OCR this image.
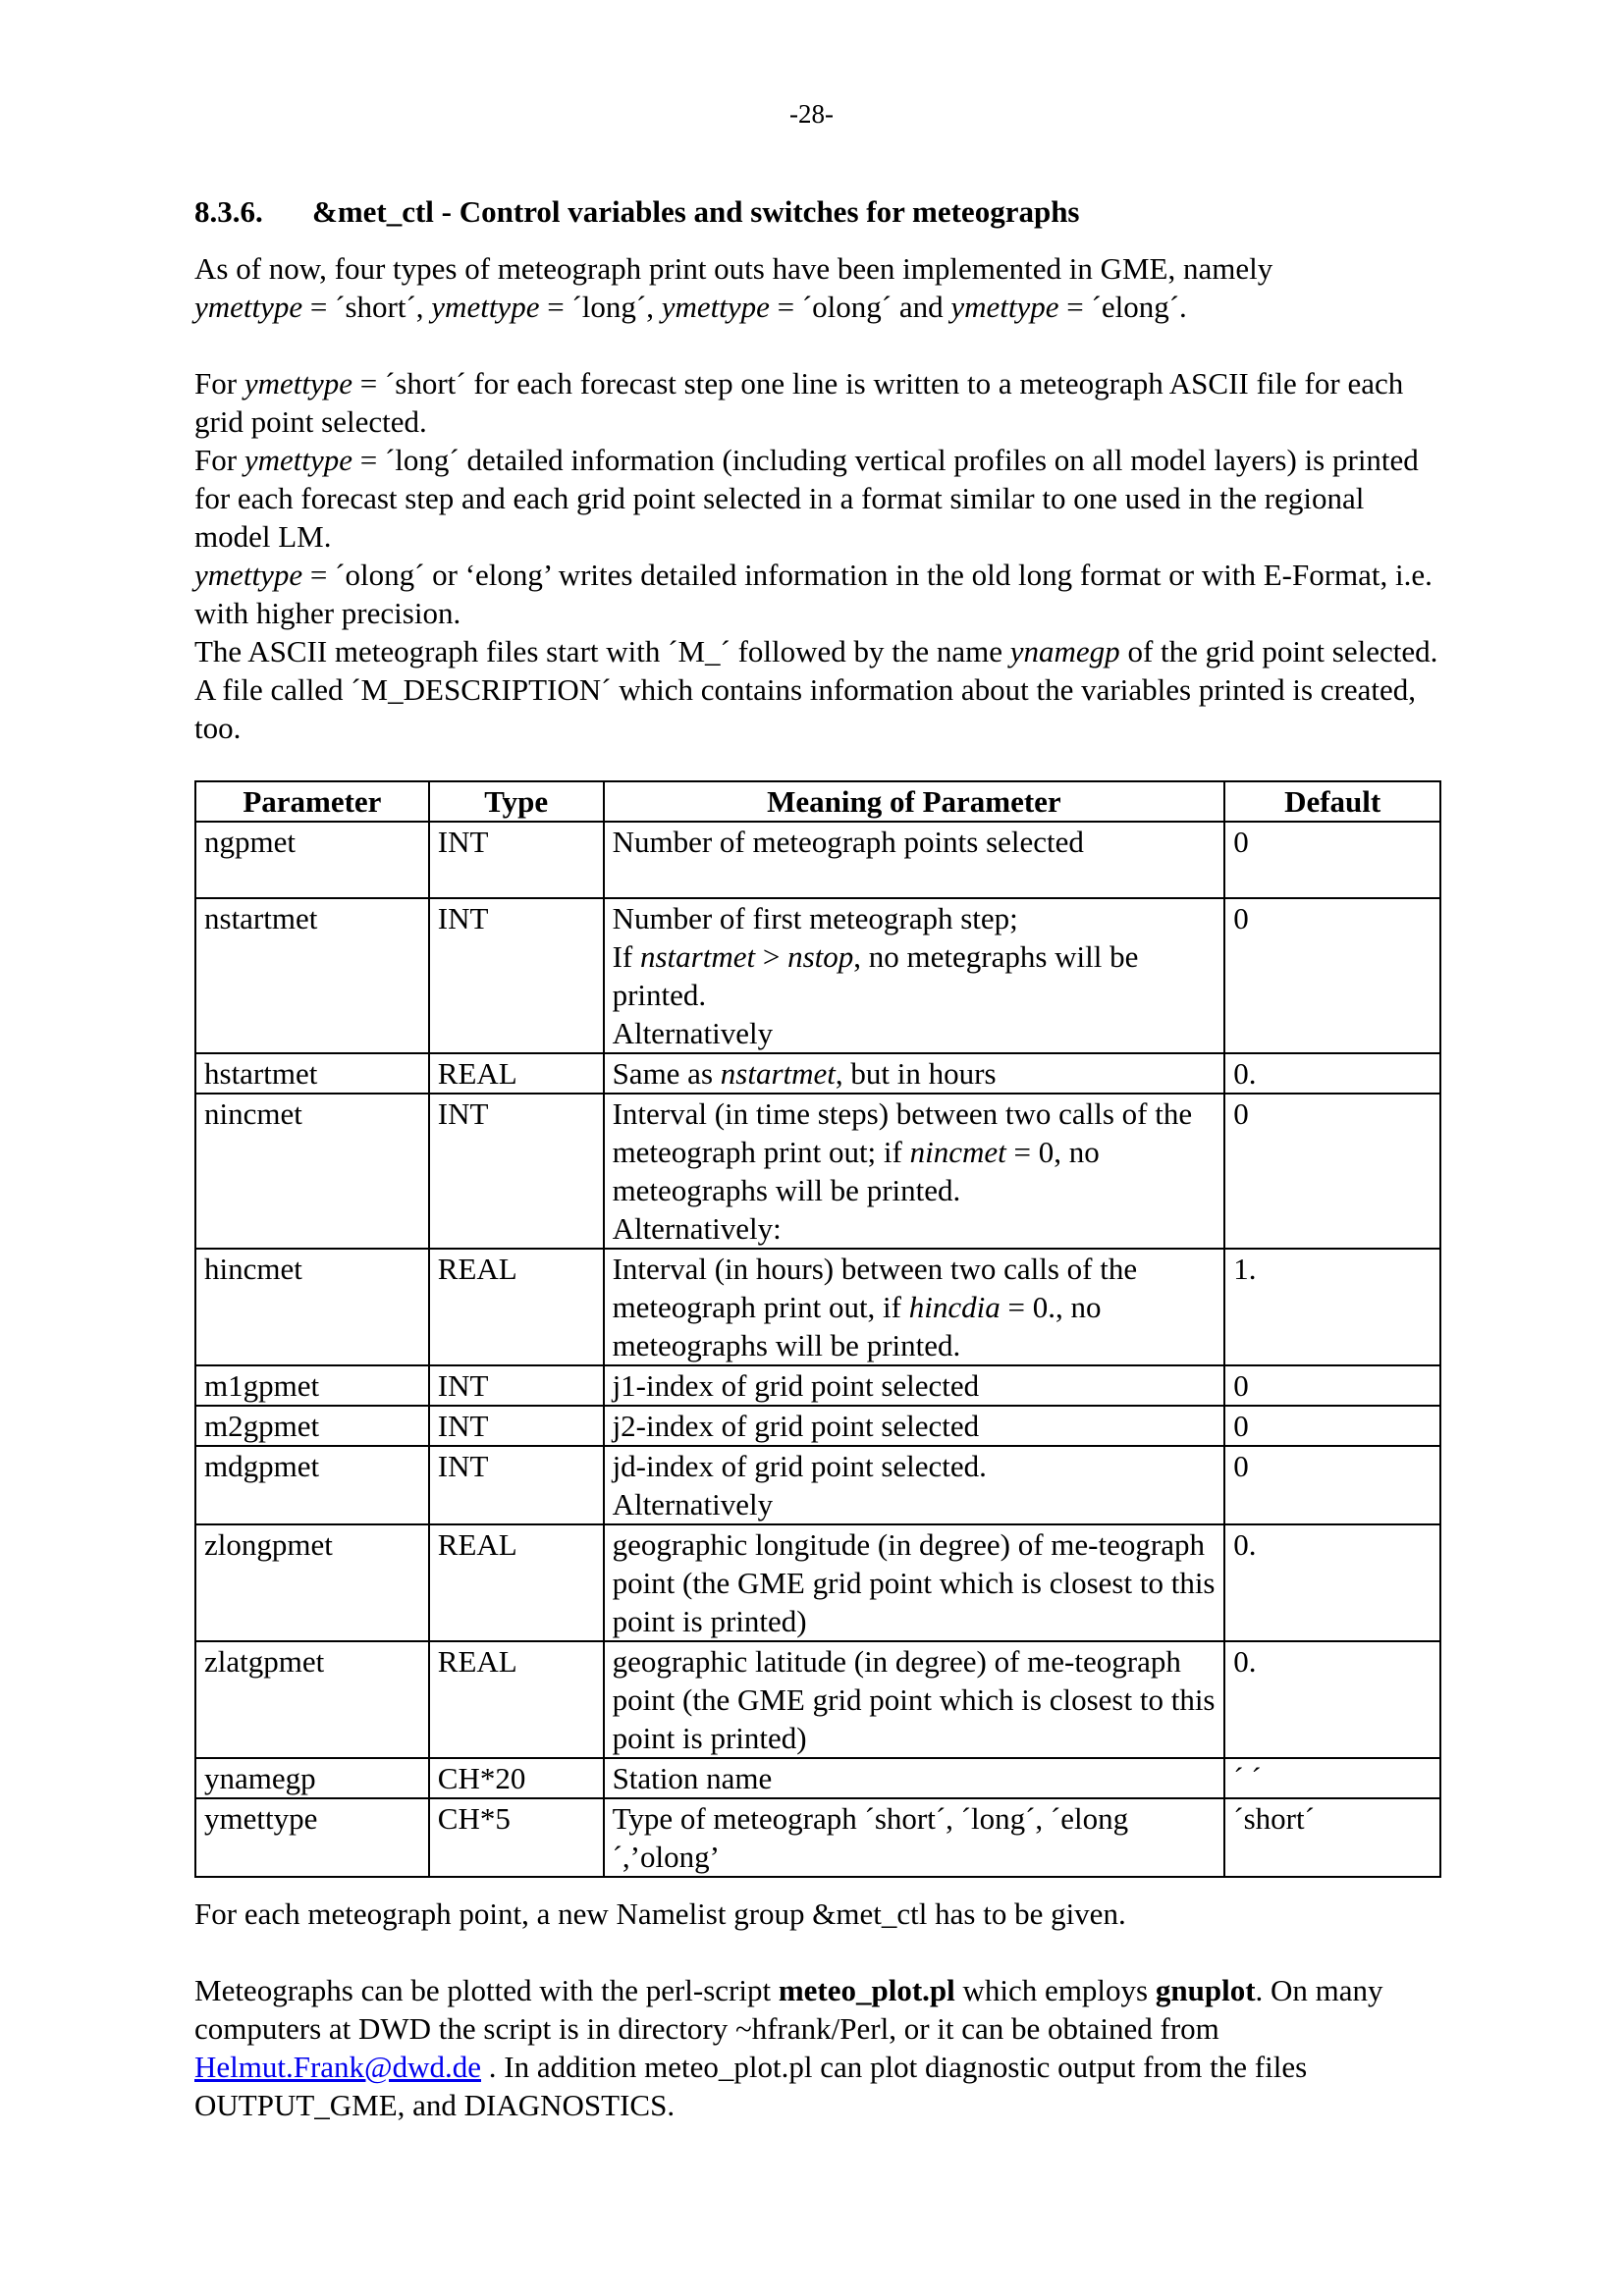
-28-
8.3.6. &met_ctl - Control variables and switches for meteographs

As of now, four types of meteograph print outs have been implemented in GME, namely
ymettype = ´short´, ymettype = ´long´, ymettype = ´olong´ and ymettype = ´elong´.

For ymettype = ´short´ for each forecast step one line is written to a meteograph ASCII file for each grid point selected.

For ymettype = ´long´ detailed information (including vertical profiles on all model layers) is printed for each forecast step and each grid point selected in a format similar to one used in the regional model LM.

ymettype = ´olong´ or ‘elong’ writes detailed information in the old long format or with E-Format, i.e. with higher precision.

The ASCII meteograph files start with ´M_´ followed by the name ynamegp of the grid point selected. A file called ´M_DESCRIPTION´ which contains information about the variables printed is created, too.

Parameter	Type	Meaning of Parameter	Default
ngpmet	INT	Number of meteograph points selected	0
nstartmet	INT	Number of first meteograph step;
If nstartmet > nstop, no metegraphs will be printed.
Alternatively	0
hstartmet	REAL	Same as nstartmet, but in hours	0.
nincmet	INT	Interval (in time steps) between two calls of the meteograph print out; if nincmet = 0, no meteographs will be printed.
Alternatively:	0
hincmet	REAL	Interval (in hours) between two calls of the meteograph print out, if hincdia = 0., no meteographs will be printed.	1.
m1gpmet	INT	j1-index of grid point selected	0
m2gpmet	INT	j2-index of grid point selected	0
mdgpmet	INT	jd-index of grid point selected.
Alternatively	0
zlongpmet	REAL	geographic longitude (in degree) of me-teograph point (the GME grid point which is closest to this point is printed)	0.
zlatgpmet	REAL	geographic latitude (in degree) of me-teograph point (the GME grid point which is closest to this point is printed)	0.
ynamegp	CH*20	Station name	´ ´
ymettype	CH*5	Type of meteograph ´short´, ´long´, ´elong´,’olong’	´short´

For each meteograph point, a new Namelist group &met_ctl has to be given.

Meteographs can be plotted with the perl-script meteo_plot.pl which employs gnuplot. On many computers at DWD the script is in directory ~hfrank/Perl, or it can be obtained from Helmut.Frank@dwd.de . In addition meteo_plot.pl can plot diagnostic output from the files OUTPUT_GME, and DIAGNOSTICS.
